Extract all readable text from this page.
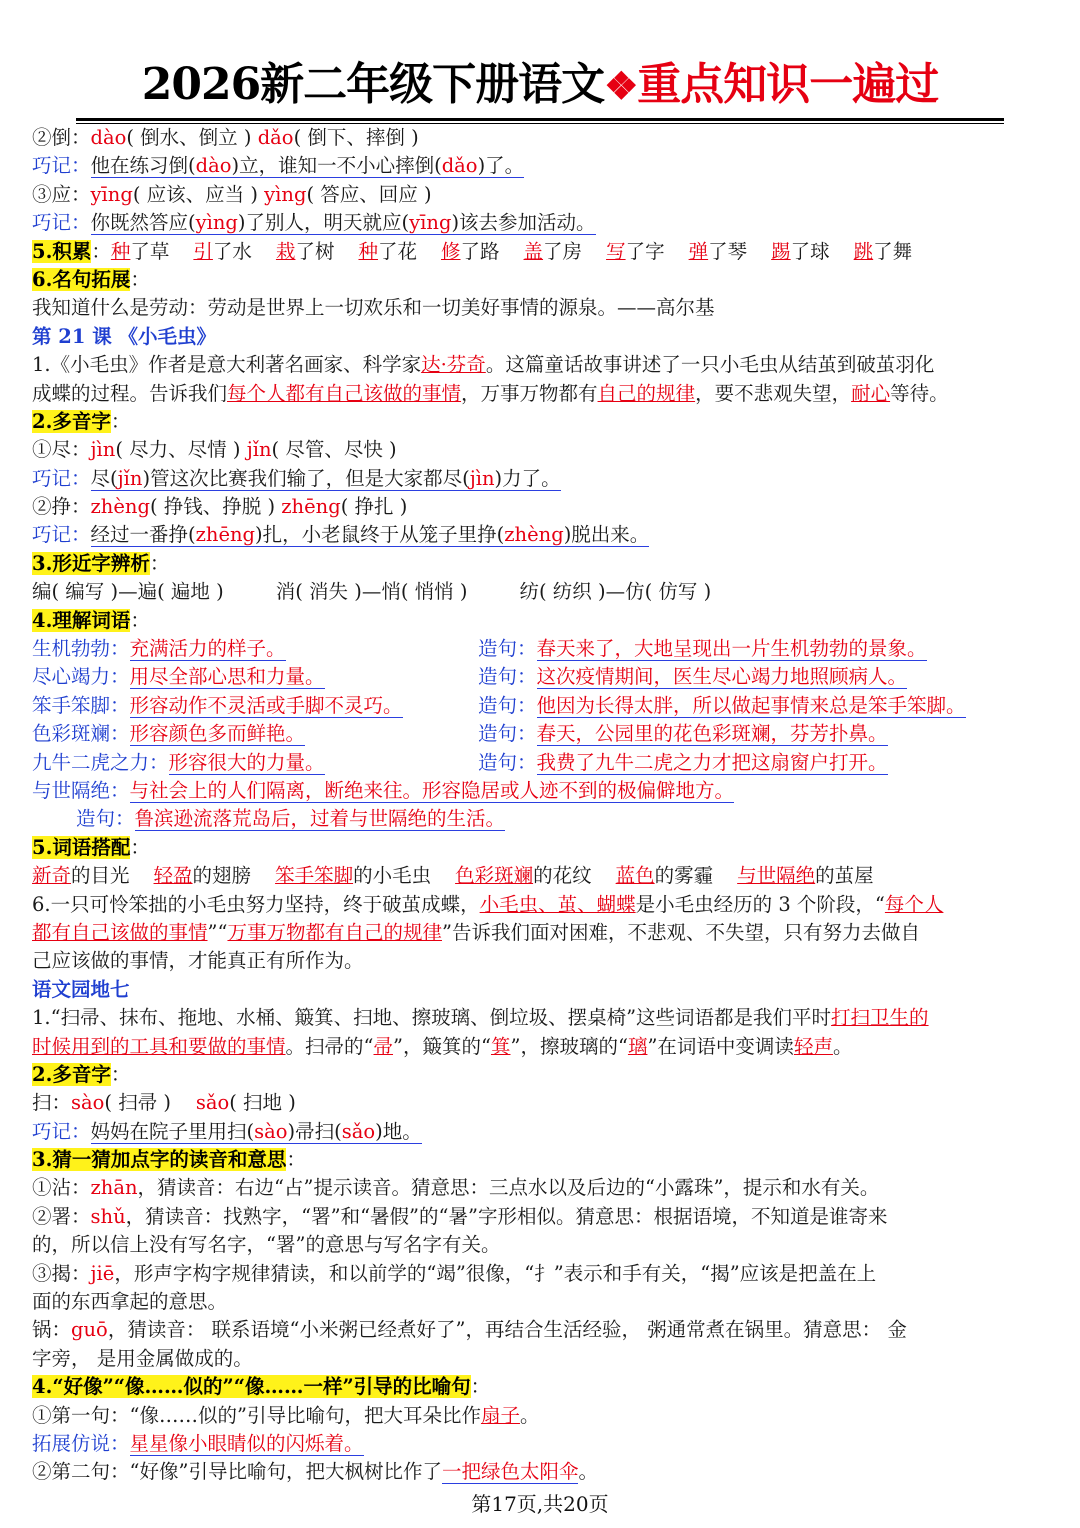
2026新二年级下册语文❖重点知识一遍过
②倒：dào( 倒水、倒立 ) dǎo( 倒下、摔倒 )
巧记：他在练习倒(dào)立，谁知一不小心摔倒(dǎo)了。
③应：yīng( 应该、应当 ) yìng( 答应、回应 )
巧记：你既然答应(yìng)了别人，明天就应(yīng)该去参加活动。
5.积累：种了草 引了水 栽了树 种了花 修了路 盖了房 写了字 弹了琴 踢了球 跳了舞
6.名句拓展：
我知道什么是劳动：劳动是世界上一切欢乐和一切美好事情的源泉。——高尔基
第 21 课 《小毛虫》
1.《小毛虫》作者是意大利著名画家、科学家达·芬奇。这篇童话故事讲述了一只小毛虫从结茧到破茧羽化
成蝶的过程。告诉我们每个人都有自己该做的事情，万事万物都有自己的规律，要不悲观失望，耐心等待。
2.多音字：
①尽：jìn( 尽力、尽情 ) jǐn( 尽管、尽快 )
巧记：尽(jǐn)管这次比赛我们输了，但是大家都尽(jìn)力了。
②挣：zhèng( 挣钱、挣脱 ) zhēng( 挣扎 )
巧记：经过一番挣(zhēng)扎，小老鼠终于从笼子里挣(zhèng)脱出来。
3.形近字辨析：
编( 编写 )—遍( 遍地 )	消( 消失 )—悄( 悄悄 )	纺( 纺织 )—仿( 仿写 )
4.理解词语：
生机勃勃：充满活力的样子。	造句：春天来了，大地呈现出一片生机勃勃的景象。
尽心竭力：用尽全部心思和力量。	造句：这次疫情期间，医生尽心竭力地照顾病人。
笨手笨脚：形容动作不灵活或手脚不灵巧。	造句：他因为长得太胖，所以做起事情来总是笨手笨脚。
色彩斑斓：形容颜色多而鲜艳。	造句：春天，公园里的花色彩斑斓，芬芳扑鼻。
九牛二虎之力：形容很大的力量。	造句：我费了九牛二虎之力才把这扇窗户打开。
与世隔绝：与社会上的人们隔离，断绝来往。形容隐居或人迹不到的极偏僻地方。
造句：鲁滨逊流落荒岛后，过着与世隔绝的生活。
5.词语搭配：
新奇的目光 轻盈的翅膀 笨手笨脚的小毛虫 色彩斑斓的花纹 蓝色的雾霾 与世隔绝的茧屋
6.一只可怜笨拙的小毛虫努力坚持，终于破茧成蝶，小毛虫、茧、蝴蝶是小毛虫经历的 3 个阶段，“每个人
都有自己该做的事情”“万事万物都有自己的规律”告诉我们面对困难，不悲观、不失望，只有努力去做自
己应该做的事情，才能真正有所作为。
语文园地七
1.“扫帚、抹布、拖地、水桶、簸箕、扫地、擦玻璃、倒垃圾、摆桌椅”这些词语都是我们平时打扫卫生的
时候用到的工具和要做的事情。扫帚的“帚”，簸箕的“箕”，擦玻璃的“璃”在词语中变调读轻声。
2.多音字：
扫：sào( 扫帚 ) sǎo( 扫地 )
巧记：妈妈在院子里用扫(sào)帚扫(sǎo)地。
3.猜一猜加点字的读音和意思：
①沾：zhān，猜读音：右边“占”提示读音。猜意思：三点水以及后边的“小露珠”，提示和水有关。
②署：shǔ，猜读音：找熟字，“署”和“暑假”的“暑”字形相似。猜意思：根据语境，不知道是谁寄来
的，所以信上没有写名字，“署”的意思与写名字有关。
③揭：jiē，形声字构字规律猜读，和以前学的“竭”很像，“扌”表示和手有关，“揭”应该是把盖在上
面的东西拿起的意思。
锅：guō，猜读音： 联系语境“小米粥已经煮好了”，再结合生活经验， 粥通常煮在锅里。猜意思： 金
字旁， 是用金属做成的。
4.“好像”“像……似的”“像……一样”引导的比喻句：
①第一句：“像……似的”引导比喻句，把大耳朵比作扇子。
拓展仿说：星星像小眼睛似的闪烁着。
②第二句：“好像”引导比喻句，把大枫树比作了一把绿色太阳伞。
第17页,共20页
